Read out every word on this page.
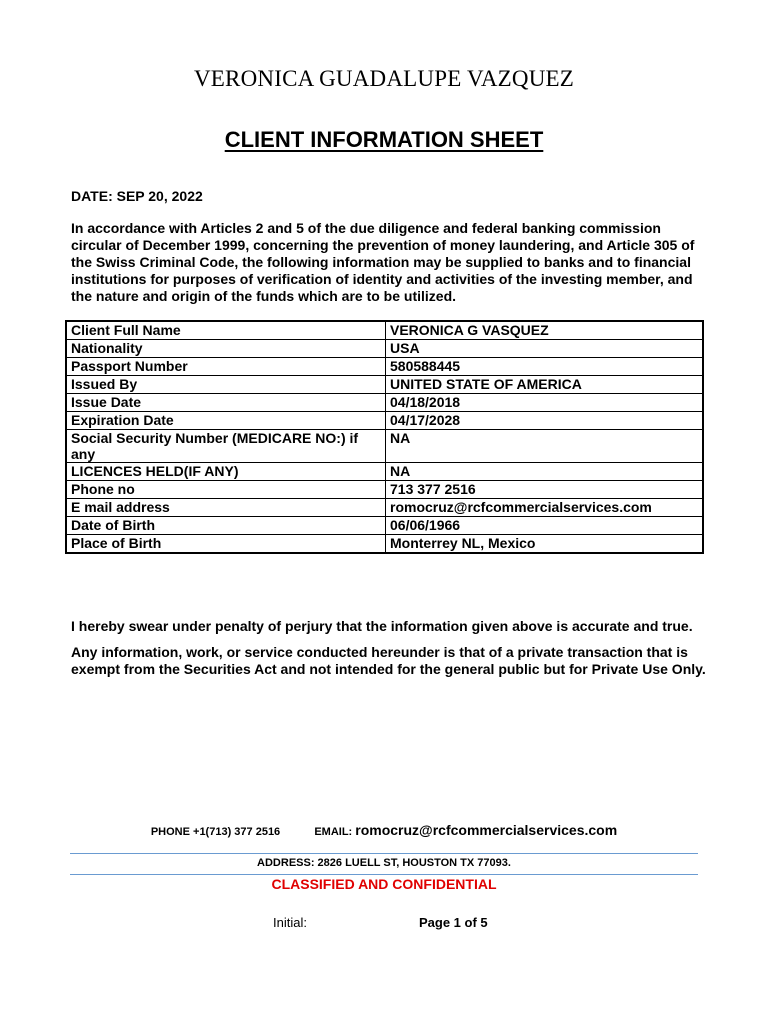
VERONICA GUADALUPE VAZQUEZ
CLIENT INFORMATION SHEET
DATE: SEP 20, 2022
In accordance with Articles 2 and 5 of the due diligence and federal banking commission circular of December 1999, concerning the prevention of money laundering, and Article 305 of the Swiss Criminal Code, the following information may be supplied to banks and to financial institutions for purposes of verification of identity and activities of the investing member, and the nature and origin of the funds which are to be utilized.
Client Full Name	VERONICA G VASQUEZ
Nationality	USA
Passport Number	580588445
Issued By	UNITED STATE OF AMERICA
Issue Date	04/18/2018
Expiration Date	04/17/2028
Social Security Number (MEDICARE NO:) if any	NA
LICENCES HELD(IF ANY)	NA
Phone no	713 377 2516
E mail address	romocruz@rcfcommercialservices.com
Date of Birth	06/06/1966
Place of Birth	Monterrey NL, Mexico
I hereby swear under penalty of perjury that the information given above is accurate and true.
Any information, work, or service conducted hereunder is that of a private transaction that is exempt from the Securities Act and not intended for the general public but for Private Use Only.
PHONE +1(713) 377 2516	EMAIL: romocruz@rcfcommercialservices.com
ADDRESS: 2826 LUELL ST, HOUSTON TX 77093.
CLASSIFIED AND CONFIDENTIAL
Initial:	Page 1 of 5
